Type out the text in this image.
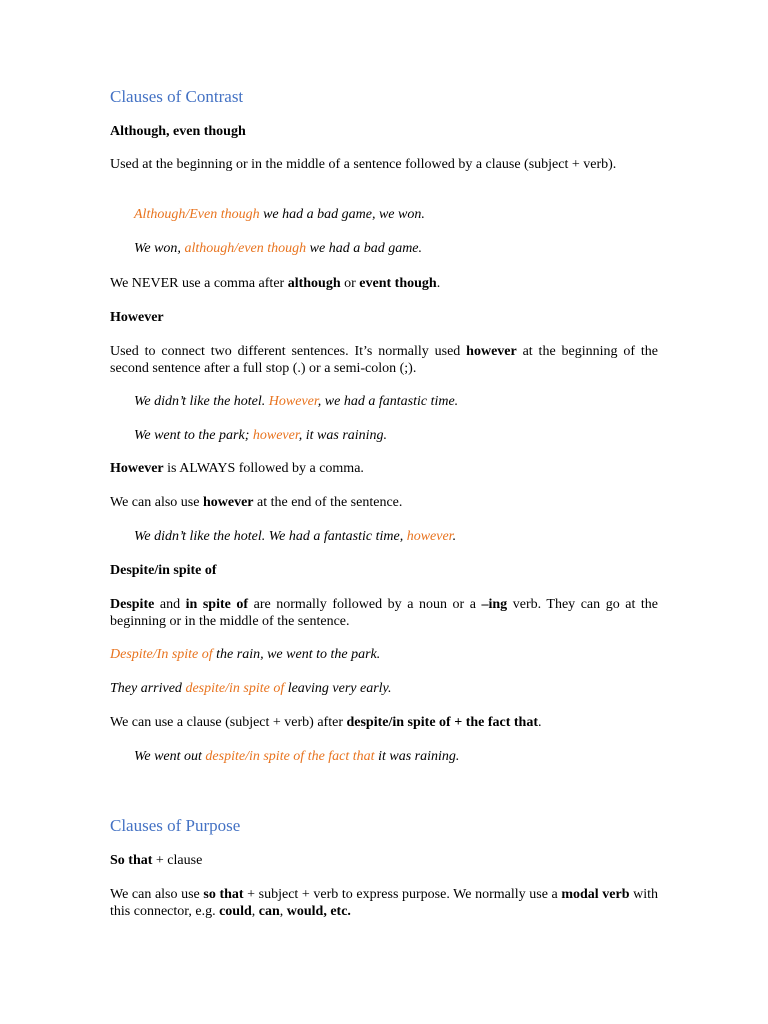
Clauses of Contrast

Although, even though

Used at the beginning or in the middle of a sentence followed by a clause (subject + verb).

Although/Even though we had a bad game, we won.

We won, although/even though we had a bad game.

We NEVER use a comma after although or event though.

However

Used to connect two different sentences. It’s normally used however at the beginning of the second sentence after a full stop (.) or a semi-colon (;).

We didn’t like the hotel. However, we had a fantastic time.

We went to the park; however, it was raining.

However is ALWAYS followed by a comma.

We can also use however at the end of the sentence.

We didn’t like the hotel. We had a fantastic time, however.

Despite/in spite of

Despite and in spite of are normally followed by a noun or a –ing verb. They can go at the beginning or in the middle of the sentence.

Despite/In spite of the rain, we went to the park.

They arrived despite/in spite of leaving very early.

We can use a clause (subject + verb) after despite/in spite of + the fact that.

We went out despite/in spite of the fact that it was raining.

Clauses of Purpose

So that + clause

We can also use so that + subject + verb to express purpose. We normally use a modal verb with this connector, e.g. could, can, would, etc.
